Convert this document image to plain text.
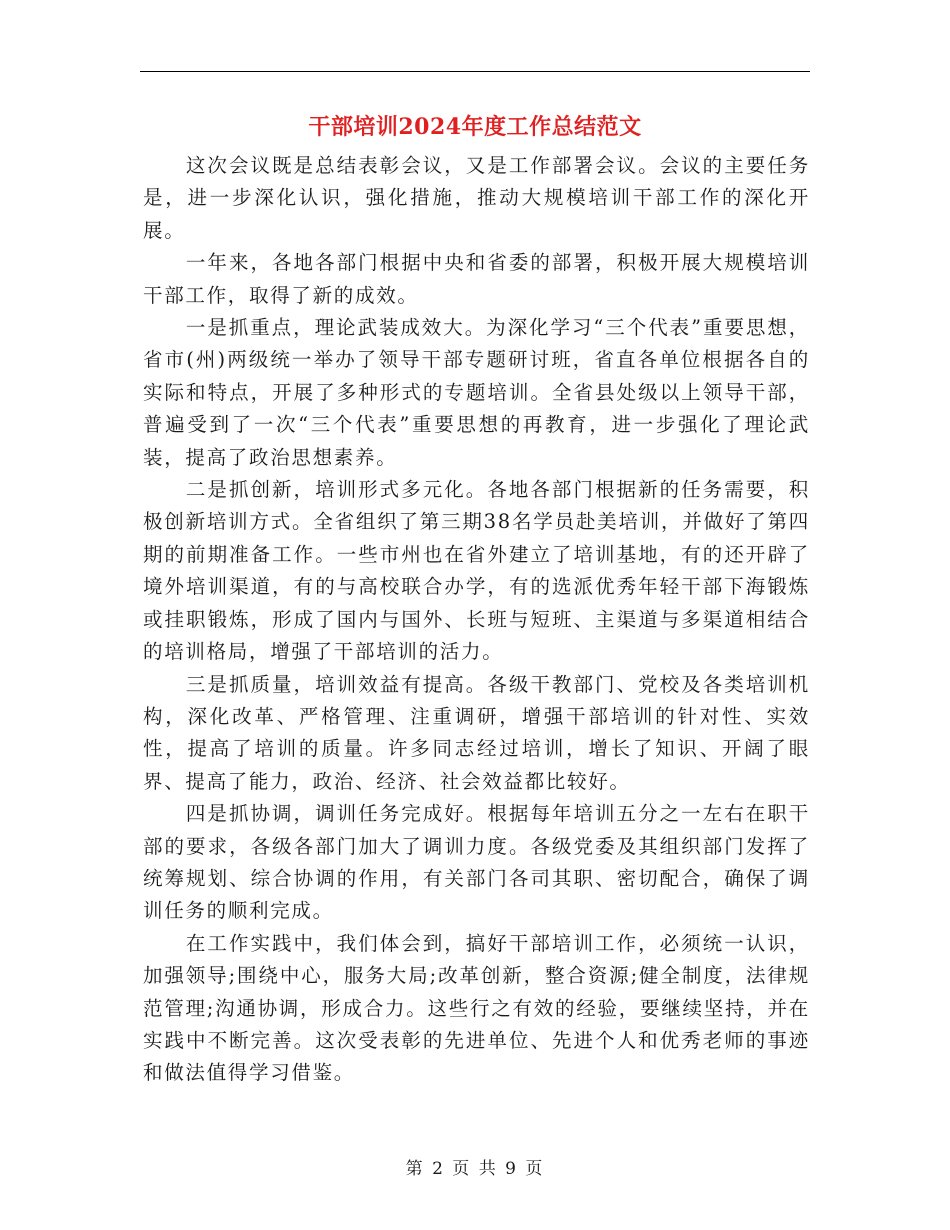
干部培训2024年度工作总结范文

这次会议既是总结表彰会议，又是工作部署会议。会议的主要任务是，进一步深化认识，强化措施，推动大规模培训干部工作的深化开展。

一年来，各地各部门根据中央和省委的部署，积极开展大规模培训干部工作，取得了新的成效。

一是抓重点，理论武装成效大。为深化学习“三个代表”重要思想，省市(州)两级统一举办了领导干部专题研讨班，省直各单位根据各自的实际和特点，开展了多种形式的专题培训。全省县处级以上领导干部，普遍受到了一次“三个代表”重要思想的再教育，进一步强化了理论武装，提高了政治思想素养。

二是抓创新，培训形式多元化。各地各部门根据新的任务需要，积极创新培训方式。全省组织了第三期38名学员赴美培训，并做好了第四期的前期准备工作。一些市州也在省外建立了培训基地，有的还开辟了境外培训渠道，有的与高校联合办学，有的选派优秀年轻干部下海锻炼或挂职锻炼，形成了国内与国外、长班与短班、主渠道与多渠道相结合的培训格局，增强了干部培训的活力。

三是抓质量，培训效益有提高。各级干教部门、党校及各类培训机构，深化改革、严格管理、注重调研，增强干部培训的针对性、实效性，提高了培训的质量。许多同志经过培训，增长了知识、开阔了眼界、提高了能力，政治、经济、社会效益都比较好。

四是抓协调，调训任务完成好。根据每年培训五分之一左右在职干部的要求，各级各部门加大了调训力度。各级党委及其组织部门发挥了统筹规划、综合协调的作用，有关部门各司其职、密切配合，确保了调训任务的顺利完成。

在工作实践中，我们体会到，搞好干部培训工作，必须统一认识，加强领导;围绕中心，服务大局;改革创新，整合资源;健全制度，法律规范管理;沟通协调，形成合力。这些行之有效的经验，要继续坚持，并在实践中不断完善。这次受表彰的先进单位、先进个人和优秀老师的事迹和做法值得学习借鉴。

第 2 页 共 9 页
